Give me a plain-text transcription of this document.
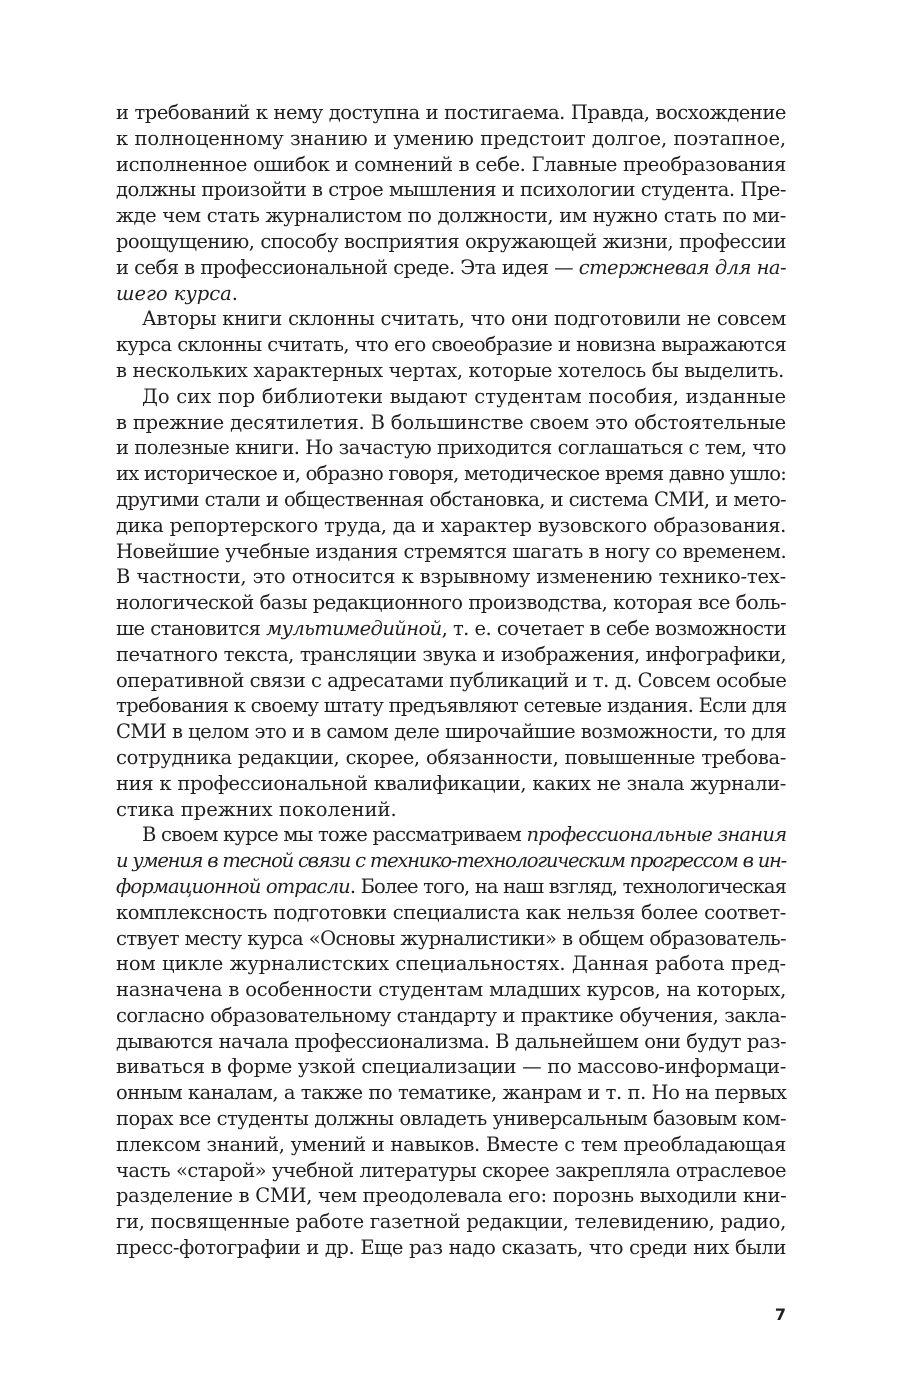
и требований к нему доступна и постигаема. Правда, восхождение
к полноценному знанию и умению предстоит долгое, поэтапное,
исполненное ошибок и сомнений в себе. Главные преобразования
должны произойти в строе мышления и психологии студента. Пре-
жде чем стать журналистом по должности, им нужно стать по ми-
роощущению, способу восприятия окружающей жизни, профессии
и себя в профессиональной среде. Эта идея — стержневая для на-
шего курса.
Авторы книги склонны считать, что они подготовили не совсем
курса склонны считать, что его своеобразие и новизна выражаются
в нескольких характерных чертах, которые хотелось бы выделить.
До сих пор библиотеки выдают студентам пособия, изданные
в прежние десятилетия. В большинстве своем это обстоятельные
и полезные книги. Но зачастую приходится соглашаться с тем, что
их историческое и, образно говоря, методическое время давно ушло:
другими стали и общественная обстановка, и система СМИ, и мето-
дика репортерского труда, да и характер вузовского образования.
Новейшие учебные издания стремятся шагать в ногу со временем.
В частности, это относится к взрывному изменению технико-тех-
нологической базы редакционного производства, которая все боль-
ше становится мультимедийной, т. е. сочетает в себе возможности
печатного текста, трансляции звука и изображения, инфографики,
оперативной связи с адресатами публикаций и т. д. Совсем особые
требования к своему штату предъявляют сетевые издания. Если для
СМИ в целом это и в самом деле широчайшие возможности, то для
сотрудника редакции, скорее, обязанности, повышенные требова-
ния к профессиональной квалификации, каких не знала журнали-
стика прежних поколений.
В своем курсе мы тоже рассматриваем профессиональные знания
и умения в тесной связи с технико-технологическим прогрессом в ин-
формационной отрасли. Более того, на наш взгляд, технологическая
комплексность подготовки специалиста как нельзя более соответ-
ствует месту курса «Основы журналистики» в общем образователь-
ном цикле журналистских специальностях. Данная работа пред-
назначена в особенности студентам младших курсов, на которых,
согласно образовательному стандарту и практике обучения, закла-
дываются начала профессионализма. В дальнейшем они будут раз-
виваться в форме узкой специализации — по массово-информаци-
онным каналам, а также по тематике, жанрам и т. п. Но на первых
порах все студенты должны овладеть универсальным базовым ком-
плексом знаний, умений и навыков. Вместе с тем преобладающая
часть «старой» учебной литературы скорее закрепляла отраслевое
разделение в СМИ, чем преодолевала его: порознь выходили кни-
ги, посвященные работе газетной редакции, телевидению, радио,
пресс-фотографии и др. Еще раз надо сказать, что среди них были
7
